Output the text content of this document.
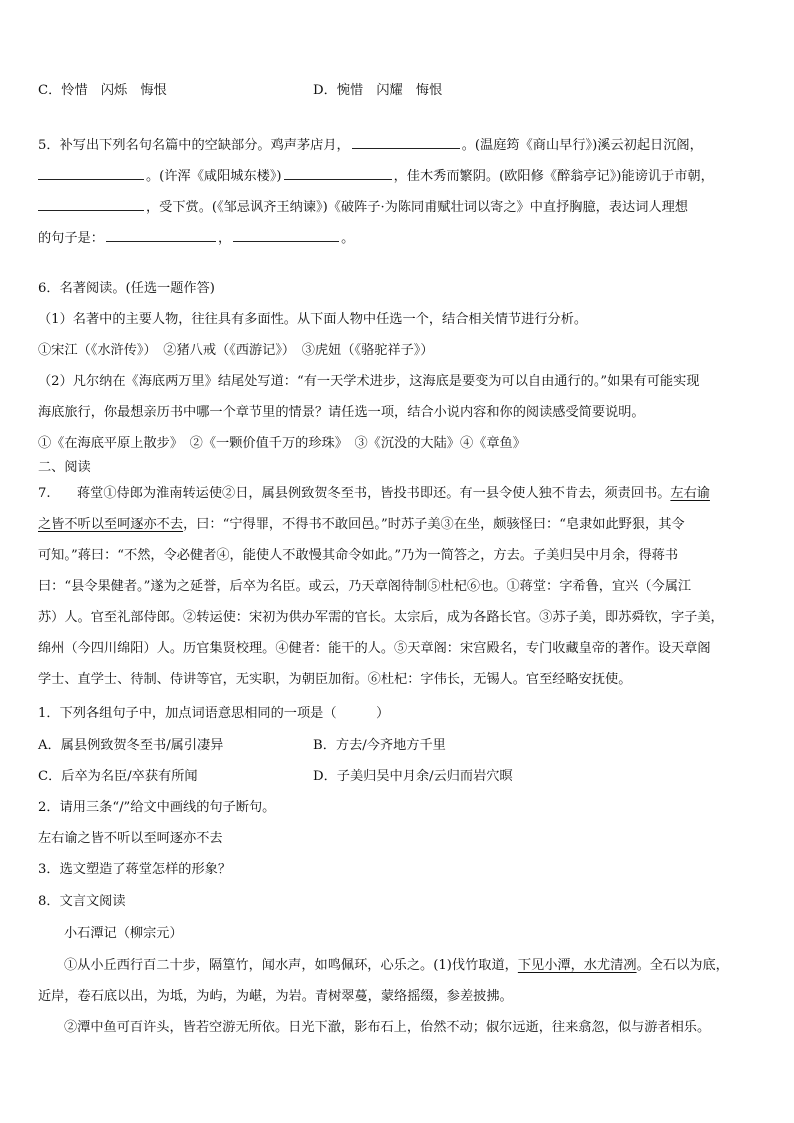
C．怜惜　闪烁　悔恨	D．惋惜　闪耀　悔恨
5．补写出下列名句名篇中的空缺部分。鸡声茅店月，	。(温庭筠《商山早行》)溪云初起日沉阁，
。(许浑《咸阳城东楼》)	，佳木秀而繁阴。(欧阳修《醉翁亭记》)能谤讥于市朝，
，受下赏。(《邹忌讽齐王纳谏》)《破阵子·为陈同甫赋壮词以寄之》中直抒胸臆，表达词人理想
的句子是：	，	。
6．名著阅读。(任选一题作答)
（1）名著中的主要人物，往往具有多面性。从下面人物中任选一个，结合相关情节进行分析。
①宋江（《水浒传》）　②猪八戒（《西游记》）　③虎妞（《骆驼祥子》）
（2）凡尔纳在《海底两万里》结尾处写道：“有一天学术进步，这海底是要变为可以自由通行的。”如果有可能实现
海底旅行，你最想亲历书中哪一个章节里的情景？请任选一项，结合小说内容和你的阅读感受简要说明。
①《在海底平原上散步》　②《一颗价值千万的珍珠》　③《沉没的大陆》④《章鱼》
二、阅读
7.　　蒋堂①侍郎为淮南转运使②日，属县例致贺冬至书，皆投书即还。有一县令使人独不肯去，须责回书。左右谕
之皆不听以至呵逐亦不去，曰：“宁得罪，不得书不敢回邑。”时苏子美③在坐，颇骇怪曰：“皂隶如此野狠，其令
可知。”蒋曰：“不然，令必健者④，能使人不敢慢其命令如此。”乃为一简答之，方去。子美归吴中月余，得蒋书
曰：“县令果健者。”遂为之延誉，后卒为名臣。或云，乃天章阁待制⑤杜杞⑥也。①蒋堂：字希鲁，宜兴（今属江
苏）人。官至礼部侍郎。②转运使：宋初为供办军需的官长。太宗后，成为各路长官。③苏子美，即苏舜钦，字子美，
绵州（今四川绵阳）人。历官集贤校理。④健者：能干的人。⑤天章阁：宋宫殿名，专门收藏皇帝的著作。设天章阁
学士、直学士、待制、侍讲等官，无实职，为朝臣加衔。⑥杜杞：字伟长，无锡人。官至经略安抚使。
1．下列各组句子中，加点词语意思相同的一项是（　　　）
A．属县例致贺冬至书/属引凄异	B．方去/今齐地方千里
C．后卒为名臣/卒获有所闻	D．子美归吴中月余/云归而岩穴暝
2．请用三条“/”给文中画线的句子断句。
左右谕之皆不听以至呵逐亦不去
3．选文塑造了蒋堂怎样的形象？
8．文言文阅读
小石潭记（柳宗元）
①从小丘西行百二十步，隔篁竹，闻水声，如鸣佩环，心乐之。(1)伐竹取道，下见小潭，水尤清冽。全石以为底，
近岸，卷石底以出，为坻，为屿，为嵁，为岩。青树翠蔓，蒙络摇缀，参差披拂。
②潭中鱼可百许头，皆若空游无所依。日光下澈，影布石上，佁然不动；俶尔远逝，往来翕忽，似与游者相乐。
